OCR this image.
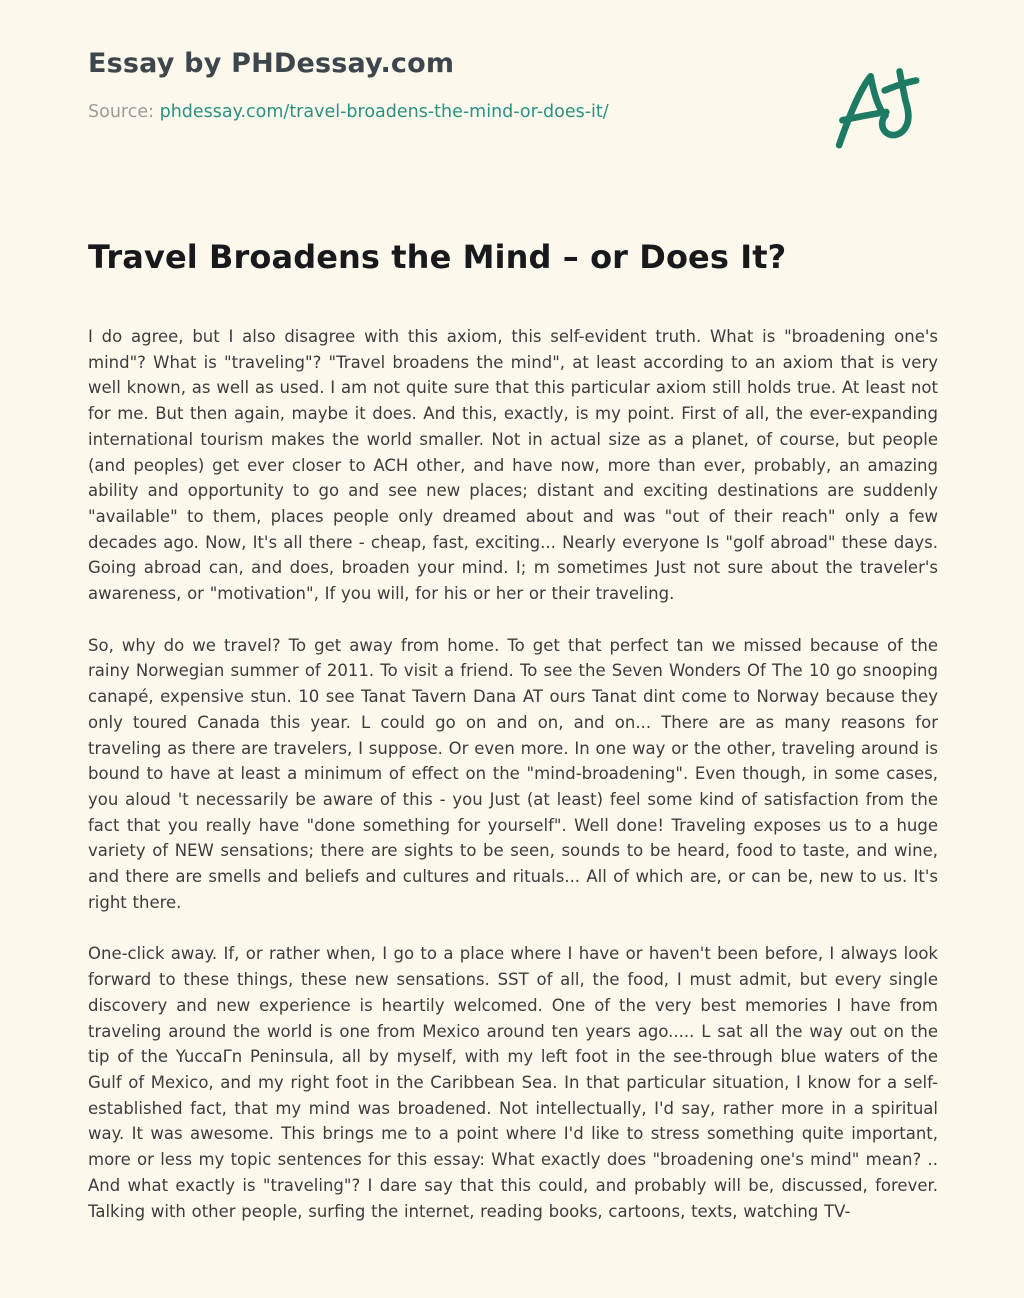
Essay by PHDessay.com
Source: phdessay.com/travel-broadens-the-mind-or-does-it/
Travel Broadens the Mind – or Does It?

I do agree, but I also disagree with this axiom, this self-evident truth. What is "broadening one's mind"? What is "traveling"? "Travel broadens the mind", at least according to an axiom that is very well known, as well as used. I am not quite sure that this particular axiom still holds true. At least not for me. But then again, maybe it does. And this, exactly, is my point. First of all, the ever-expanding international tourism makes the world smaller. Not in actual size as a planet, of course, but people (and peoples) get ever closer to ACH other, and have now, more than ever, probably, an amazing ability and opportunity to go and see new places; distant and exciting destinations are suddenly "available" to them, places people only dreamed about and was "out of their reach" only a few decades ago. Now, It's all there - cheap, fast, exciting... Nearly everyone Is "golf abroad" these days. Going abroad can, and does, broaden your mind. I; m sometimes Just not sure about the traveler's awareness, or "motivation", If you will, for his or her or their traveling.

So, why do we travel? To get away from home. To get that perfect tan we missed because of the rainy Norwegian summer of 2011. To visit a friend. To see the Seven Wonders Of The 10 go snooping canapé, expensive stun. 10 see Tanat Tavern Dana AT ours Tanat dint come to Norway because they only toured Canada this year. L could go on and on, and on... There are as many reasons for traveling as there are travelers, I suppose. Or even more. In one way or the other, traveling around is bound to have at least a minimum of effect on the "mind-broadening". Even though, in some cases, you aloud 't necessarily be aware of this - you Just (at least) feel some kind of satisfaction from the fact that you really have "done something for yourself". Well done! Traveling exposes us to a huge variety of NEW sensations; there are sights to be seen, sounds to be heard, food to taste, and wine, and there are smells and beliefs and cultures and rituals... All of which are, or can be, new to us. It's right there.

One-click away. If, or rather when, I go to a place where I have or haven't been before, I always look forward to these things, these new sensations. SST of all, the food, I must admit, but every single discovery and new experience is heartily welcomed. One of the very best memories I have from traveling around the world is one from Mexico around ten years ago..... L sat all the way out on the tip of the YuccaΓn Peninsula, all by myself, with my left foot in the see-through blue waters of the Gulf of Mexico, and my right foot in the Caribbean Sea. In that particular situation, I know for a self-established fact, that my mind was broadened. Not intellectually, I'd say, rather more in a spiritual way. It was awesome. This brings me to a point where I'd like to stress something quite important, more or less my topic sentences for this essay: What exactly does "broadening one's mind" mean? .. And what exactly is "traveling"? I dare say that this could, and probably will be, discussed, forever. Talking with other people, surfing the internet, reading books, cartoons, texts, watching TV-
